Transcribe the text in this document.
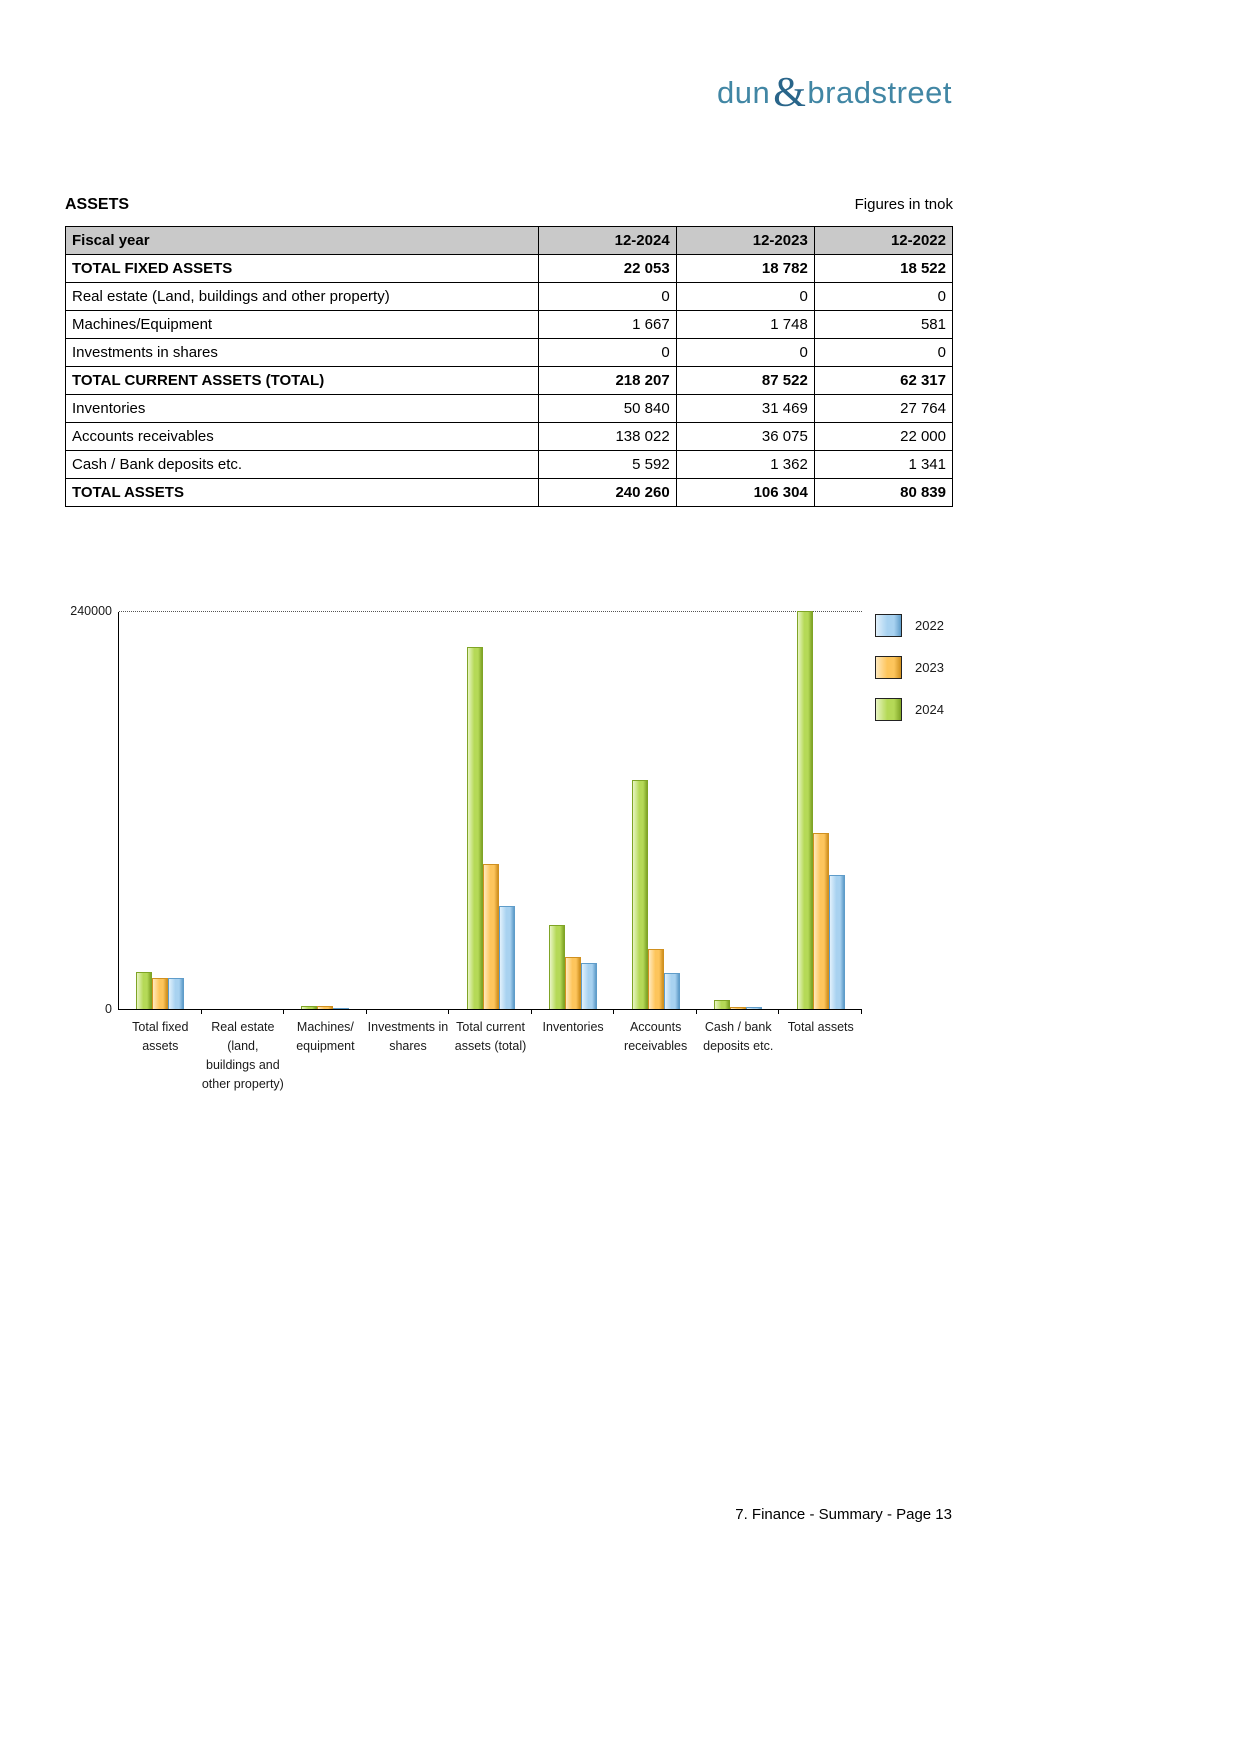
dun&bradstreet
ASSETS	Figures in tnok
Fiscal year	12-2024	12-2023	12-2022
TOTAL FIXED ASSETS	22 053	18 782	18 522
Real estate (Land, buildings and other property)	0	0	0
Machines/Equipment	1 667	1 748	581
Investments in shares	0	0	0
TOTAL CURRENT ASSETS (TOTAL)	218 207	87 522	62 317
Inventories	50 840	31 469	27 764
Accounts receivables	138 022	36 075	22 000
Cash / Bank deposits etc.	5 592	1 362	1 341
TOTAL ASSETS	240 260	106 304	80 839
240000
0
Total fixed
assets
Real estate
(land,
buildings and
other property)
Machines/
equipment
Investments in
shares
Total current
assets (total)
Inventories	Accounts
receivables
Cash / bank
deposits etc.
Total assets
2022
2023
2024
7. Finance - Summary - Page 13
